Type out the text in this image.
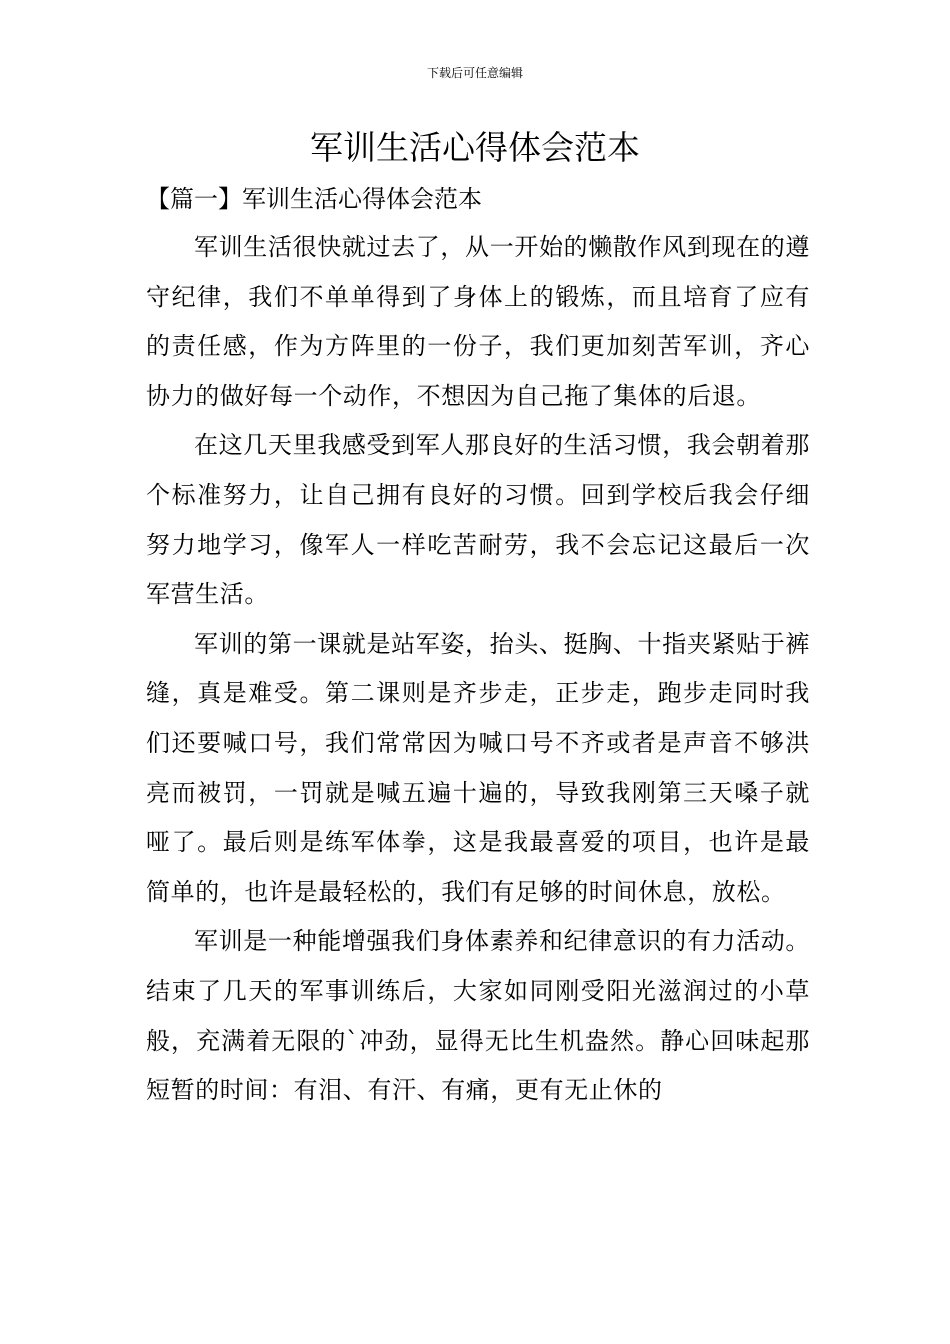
下载后可任意编辑
军训生活心得体会范本
【篇一】军训生活心得体会范本

军训生活很快就过去了，从一开始的懒散作风到现在的遵守纪律，我们不单单得到了身体上的锻炼，而且培育了应有的责任感，作为方阵里的一份子，我们更加刻苦军训，齐心协力的做好每一个动作，不想因为自己拖了集体的后退。

在这几天里我感受到军人那良好的生活习惯，我会朝着那个标准努力，让自己拥有良好的习惯。回到学校后我会仔细努力地学习，像军人一样吃苦耐劳，我不会忘记这最后一次军营生活。

军训的第一课就是站军姿，抬头、挺胸、十指夹紧贴于裤缝，真是难受。第二课则是齐步走，正步走，跑步走同时我们还要喊口号，我们常常因为喊口号不齐或者是声音不够洪亮而被罚，一罚就是喊五遍十遍的，导致我刚第三天嗓子就哑了。最后则是练军体拳，这是我最喜爱的项目，也许是最简单的，也许是最轻松的，我们有足够的时间休息，放松。

军训是一种能增强我们身体素养和纪律意识的有力活动。结束了几天的军事训练后，大家如同刚受阳光滋润过的小草般，充满着无限的`冲劲，显得无比生机盎然。静心回味起那短暂的时间：有泪、有汗、有痛，更有无止休的
